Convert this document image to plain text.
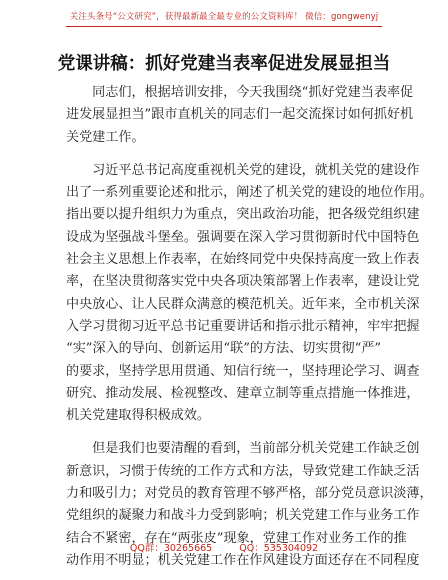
关注头条号“公文研究”，获得最新最全最专业的公文资料库！ 微信：gongwenyj
党课讲稿：抓好党建当表率促进发展显担当
　　同志们，根据培训安排，今天我围绕“抓好党建当表率促
进发展显担当”跟市直机关的同志们一起交流探讨如何抓好机
关党建工作。
　　习近平总书记高度重视机关党的建设，就机关党的建设作
出了一系列重要论述和批示，阐述了机关党的建设的地位作用。
指出要以提升组织力为重点，突出政治功能，把各级党组织建
设成为坚强战斗堡垒。强调要在深入学习贯彻新时代中国特色
社会主义思想上作表率，在始终同党中央保持高度一致上作表
率，在坚决贯彻落实党中央各项决策部署上作表率，建设让党
中央放心、让人民群众满意的模范机关。近年来，全市机关深
入学习贯彻习近平总书记重要讲话和指示批示精神，牢牢把握
“实”深入的导向、创新运用“联”的方法、切实贯彻“严”
的要求，坚持学思用贯通、知信行统一，坚持理论学习、调查
研究、推动发展、检视整改、建章立制等重点措施一体推进，
机关党建取得积极成效。
　　但是我们也要清醒的看到，当前部分机关党建工作缺乏创
新意识，习惯于传统的工作方式和方法，导致党建工作缺乏活
力和吸引力；对党员的教育管理不够严格，部分党员意识淡薄，
党组织的凝聚力和战斗力受到影响；机关党建工作与业务工作
结合不紧密，存在“两张皮”现象，党建工作对业务工作的推
动作用不明显；机关党建工作在作风建设方面还存在不同程度
QQ群：30265665	QQ：535304092
